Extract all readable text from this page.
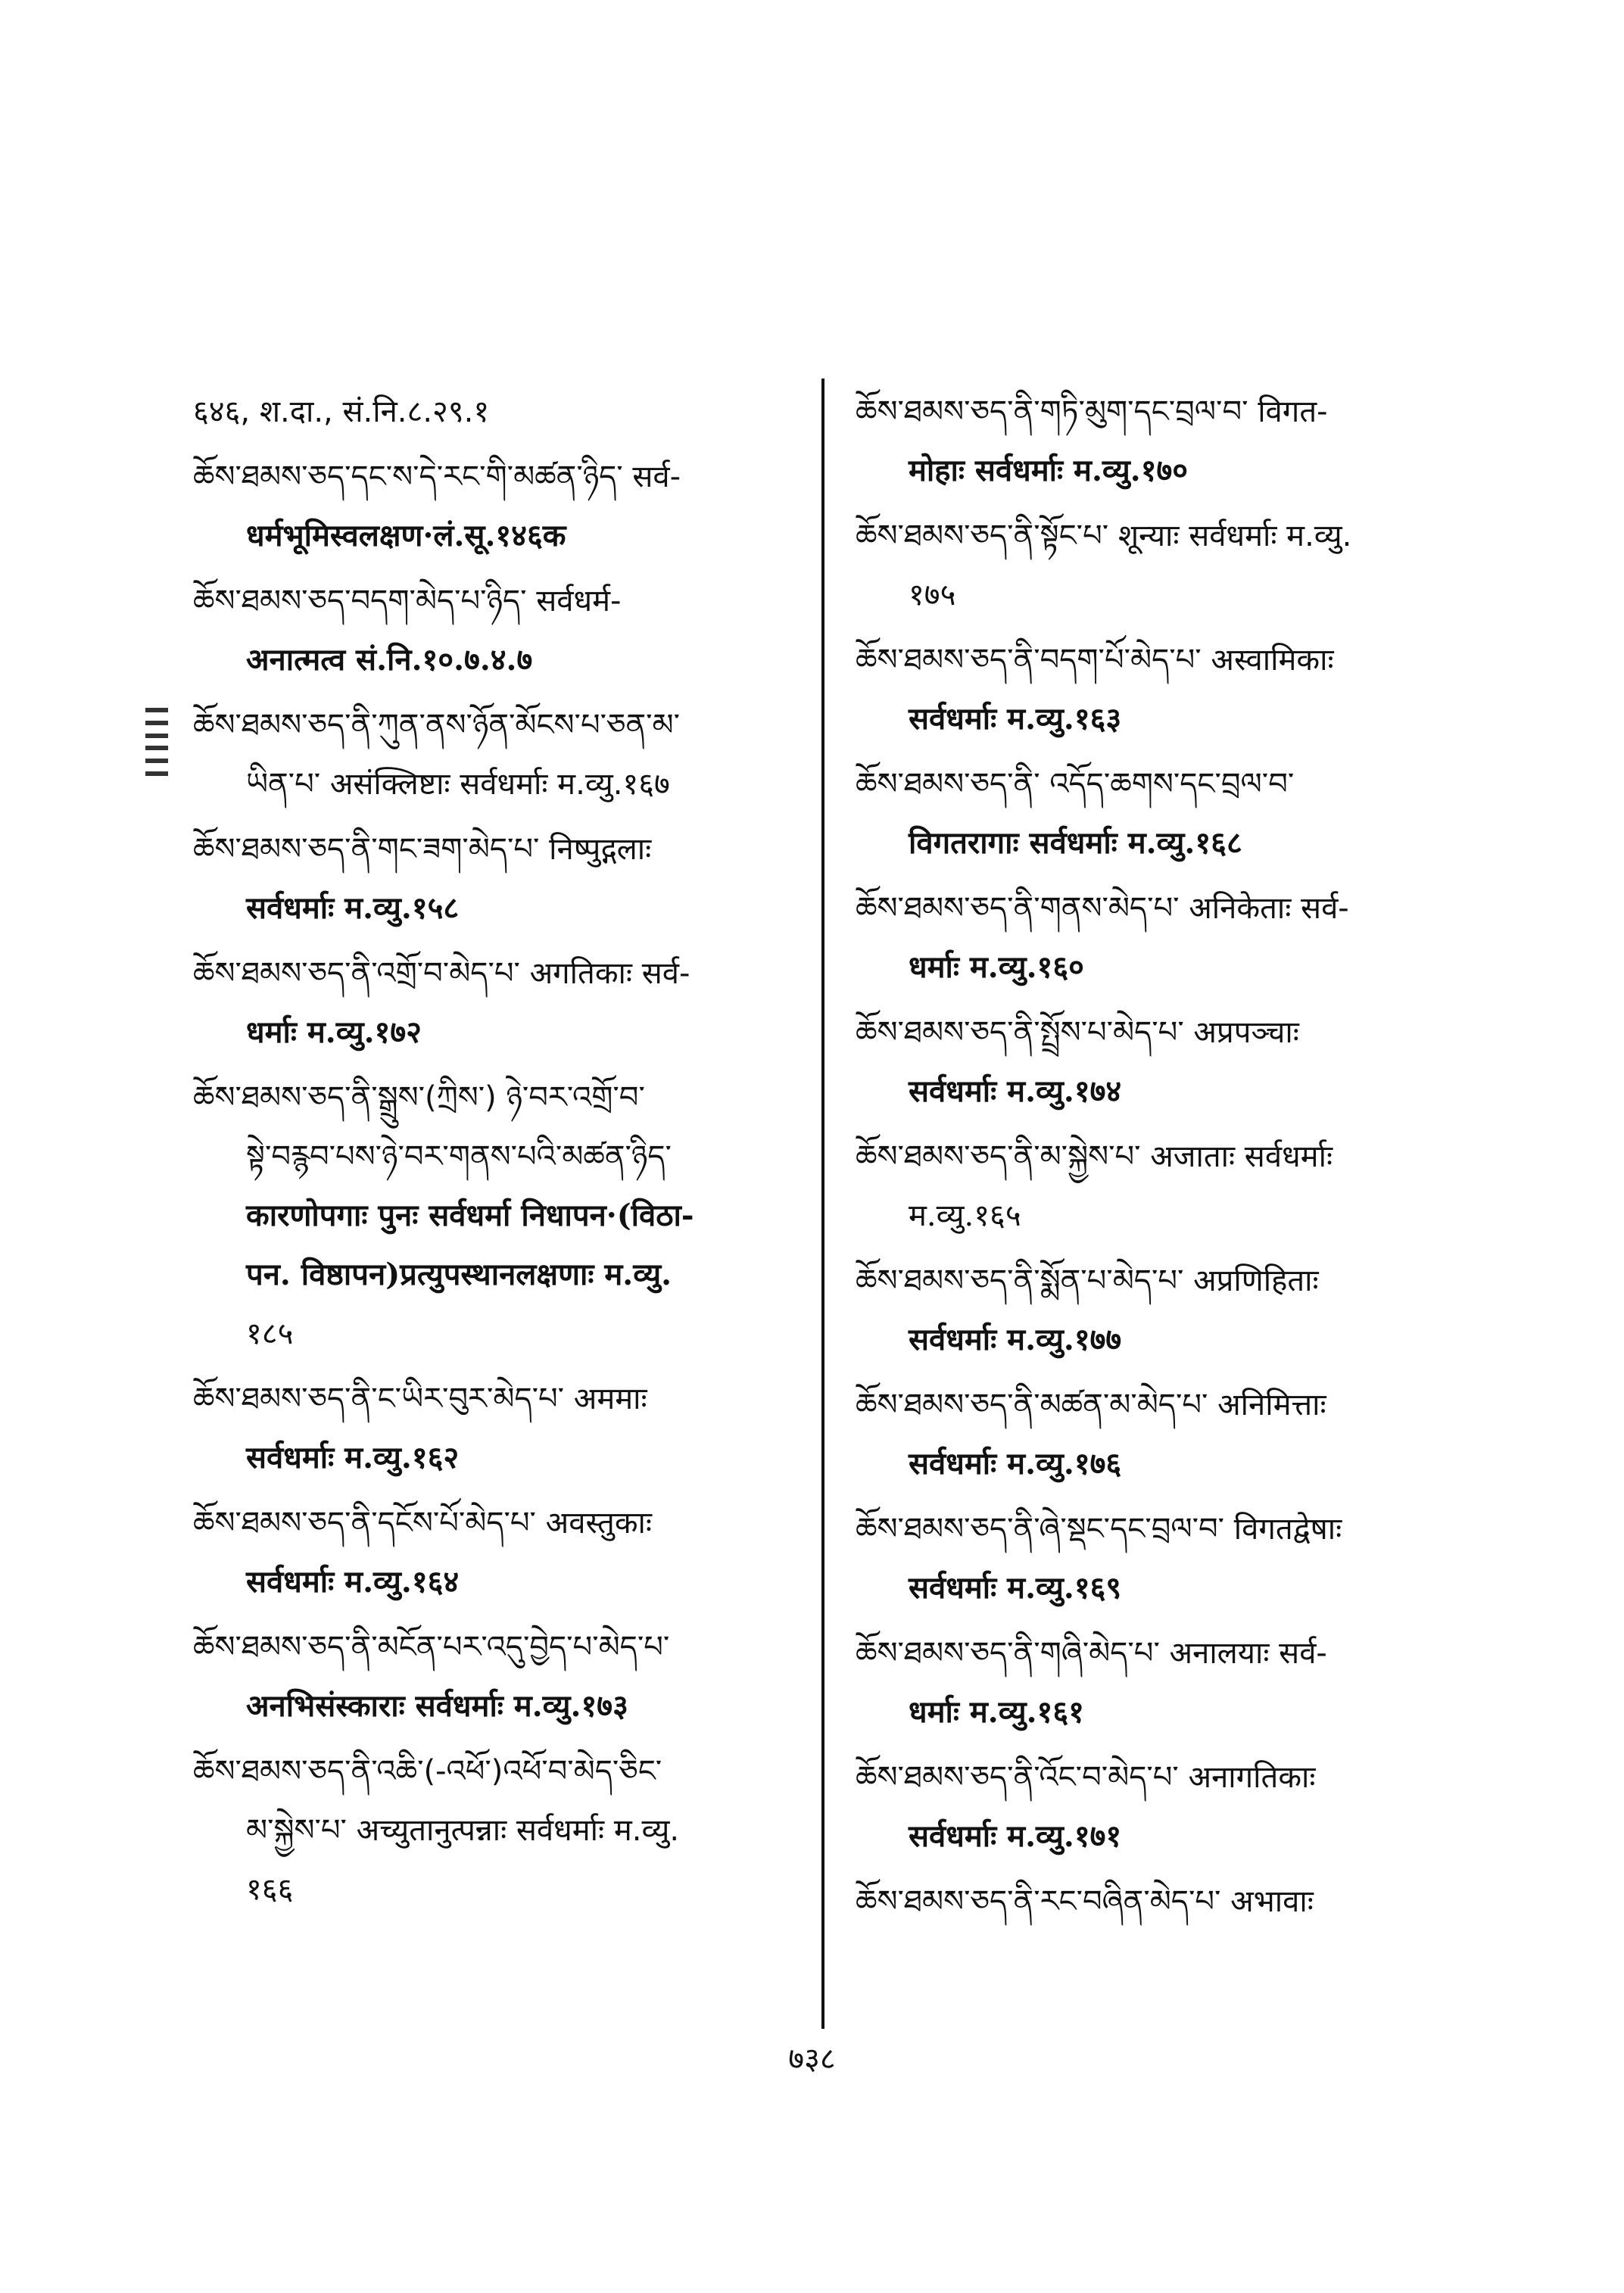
६४६, श.दा., सं.नि.८.२९.१
ཆོས་ཐམས་ཅད་དང་ས་དེ་རང་གི་མཚན་ཉིད་ सर्व-
धर्मभूमिस्वलक्षण·लं.सू.१४६क
ཆོས་ཐམས་ཅད་བདག་མེད་པ་ཉིད་ सर्वधर्म-
अनात्मत्व सं.नि.१०.७.४.७
ཆོས་ཐམས་ཅད་ནི་ཀུན་ནས་ཉོན་མོངས་པ་ཅན་མ་
ཡིན་པ་ असंक्लिष्टाः सर्वधर्माः म.व्यु.१६७
ཆོས་ཐམས་ཅད་ནི་གང་ཟག་མེད་པ་ निष्पुद्गलाः
सर्वधर्माः म.व्यु.१५८
ཆོས་ཐམས་ཅད་ནི་འགྲོ་བ་མེད་པ་ अगतिकाः सर्व-
धर्माः म.व्यु.१७२
ཆོས་ཐམས་ཅད་ནི་སྒྲུས་(ཀྲིས་) ཉེ་བར་འགྲོ་བ་
སྟེ་བརྙབ་པས་ཉེ་བར་གནས་པའི་མཚན་ཉིད་
कारणोपगाः पुनः सर्वधर्मा निधापन·(विठा-
पन. विष्ठापन)प्रत्युपस्थानलक्षणाः म.व्यु.
१८५
ཆོས་ཐམས་ཅད་ནི་ང་ཡིར་བུར་མེད་པ་ अममाः
सर्वधर्माः म.व्यु.१६२
ཆོས་ཐམས་ཅད་ནི་དངོས་པོ་མེད་པ་ अवस्तुकाः
सर्वधर्माः म.व्यु.१६४
ཆོས་ཐམས་ཅད་ནི་མངོན་པར་འདུ་བྱེད་པ་མེད་པ་
अनभिसंस्काराः सर्वधर्माः म.व्यु.१७३
ཆོས་ཐམས་ཅད་ནི་འཆི་(-འཕོ་)འཕོ་བ་མེད་ཅིང་
མ་སྐྱེས་པ་ अच्युतानुत्पन्नाः सर्वधर्माः म.व्यु.
१६६
ཆོས་ཐམས་ཅད་ནི་གཏི་མུག་དང་བྲལ་བ་ विगत-
मोहाः सर्वधर्माः म.व्यु.१७०
ཆོས་ཐམས་ཅད་ནི་སྟོང་པ་ शून्याः सर्वधर्माः म.व्यु.
१७५
ཆོས་ཐམས་ཅད་ནི་བདག་པོ་མེད་པ་ अस्वामिकाः
सर्वधर्माः म.व्यु.१६३
ཆོས་ཐམས་ཅད་ནི་ འདོད་ཆགས་དང་བྲལ་བ་
विगतरागाः सर्वधर्माः म.व्यु.१६८
ཆོས་ཐམས་ཅད་ནི་གནས་མེད་པ་ अनिकेताः सर्व-
धर्माः म.व्यु.१६०
ཆོས་ཐམས་ཅད་ནི་སྤྲོས་པ་མེད་པ་ अप्रपञ्चाः
सर्वधर्माः म.व्यु.१७४
ཆོས་ཐམས་ཅད་ནི་མ་སྐྱེས་པ་ अजाताः सर्वधर्माः
म.व्यु.१६५
ཆོས་ཐམས་ཅད་ནི་སྨོན་པ་མེད་པ་ अप्रणिहिताः
सर्वधर्माः म.व्यु.१७७
ཆོས་ཐམས་ཅད་ནི་མཚན་མ་མེད་པ་ अनिमित्ताः
सर्वधर्माः म.व्यु.१७६
ཆོས་ཐམས་ཅད་ནི་ཞེ་སྡང་དང་བྲལ་བ་ विगतद्वेषाः
सर्वधर्माः म.व्यु.१६९
ཆོས་ཐམས་ཅད་ནི་གཞི་མེད་པ་ अनालयाः सर्व-
धर्माः म.व्यु.१६१
ཆོས་ཐམས་ཅད་ནི་འོང་བ་མེད་པ་ अनागतिकाः
सर्वधर्माः म.व्यु.१७१
ཆོས་ཐམས་ཅད་ནི་རང་བཞིན་མེད་པ་ अभावाः
७३८
